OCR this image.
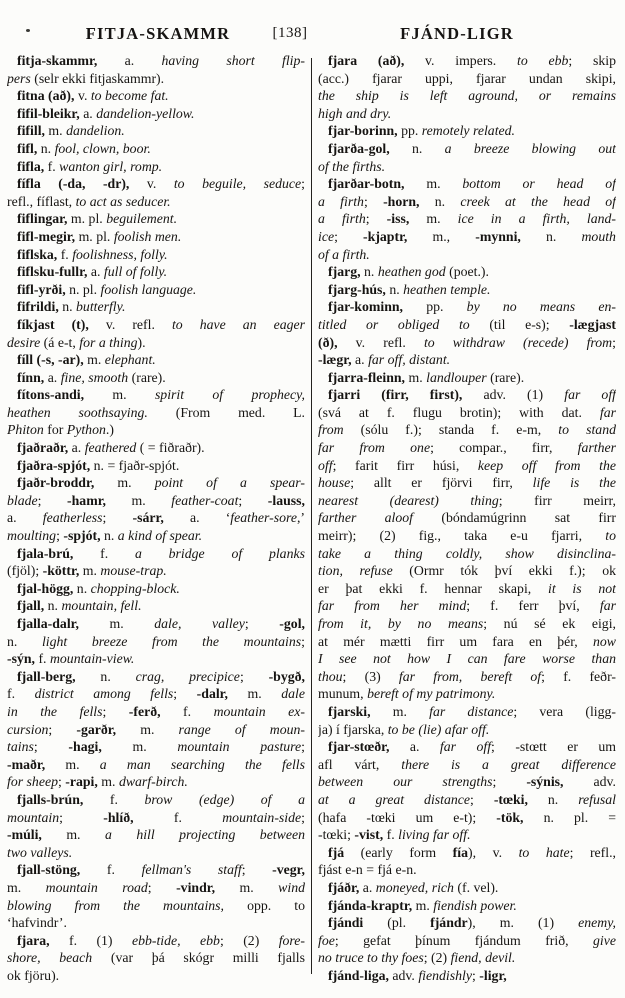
FITJA-SKAMMR	[138]	FJÁND-LIGR
fitja-skammr, a. having short flip-
pers (selr ekki fitjaskammr).
fitna (að), v. to become fat.
fifil-bleikr, a. dandelion-yellow.
fifill, m. dandelion.
fifl, n. fool, clown, boor.
fifla, f. wanton girl, romp.
fífla (-da, -dr), v. to beguile, seduce;
refl., fíflast, to act as seducer.
fiflingar, m. pl. beguilement.
fifl-megir, m. pl. foolish men.
fiflska, f. foolishness, folly.
fiflsku-fullr, a. full of folly.
fifl-yrði, n. pl. foolish language.
fifrildi, n. butterfly.
fíkjast (t), v. refl. to have an eager
desire (á e-t, for a thing).
fíll (-s, -ar), m. elephant.
fínn, a. fine, smooth (rare).
fítons-andi, m. spirit of prophecy,
heathen soothsaying. (From med. L.
Phiton for Python.)
fjaðraðr, a. feathered ( = fiðraðr).
fjaðra-spjót, n. = fjaðr-spjót.
fjaðr-broddr, m. point of a spear-
blade; -hamr, m. feather-coat; -lauss,
a. featherless; -sárr, a. ‘feather-sore,’
moulting; -spjót, n. a kind of spear.
fjala-brú, f. a bridge of planks
(fjöl); -köttr, m. mouse-trap.
fjal-högg, n. chopping-block.
fjall, n. mountain, fell.
fjalla-dalr, m. dale, valley; -gol,
n. light breeze from the mountains;
-sýn, f. mountain-view.
fjall-berg, n. crag, precipice; -bygð,
f. district among fells; -dalr, m. dale
in the fells; -ferð, f. mountain ex-
cursion; -garðr, m. range of moun-
tains; -hagi, m. mountain pasture;
-maðr, m. a man searching the fells
for sheep; -rapi, m. dwarf-birch.
fjalls-brún, f. brow (edge) of a
mountain; -hlíð, f. mountain-side;
-múli, m. a hill projecting between
two valleys.
fjall-stöng, f. fellman's staff; -vegr,
m. mountain road; -vindr, m. wind
blowing from the mountains, opp. to
‘hafvindr’.
fjara, f. (1) ebb-tide, ebb; (2) fore-
shore, beach (var þá skógr milli fjalls
ok fjöru).
fjara (að), v. impers. to ebb; skip
(acc.) fjarar uppi, fjarar undan skipi,
the ship is left aground, or remains
high and dry.
fjar-borinn, pp. remotely related.
fjarða-gol, n. a breeze blowing out
of the firths.
fjarðar-botn, m. bottom or head of
a firth; -horn, n. creek at the head of
a firth; -iss, m. ice in a firth, land-
ice; -kjaptr, m., -mynni, n. mouth
of a firth.
fjarg, n. heathen god (poet.).
fjarg-hús, n. heathen temple.
fjar-kominn, pp. by no means en-
titled or obliged to (til e-s); -lægjast
(ð), v. refl. to withdraw (recede) from;
-lægr, a. far off, distant.
fjarra-fleinn, m. landlouper (rare).
fjarri (firr, first), adv. (1) far off
(svá at f. flugu brotin); with dat. far
from (sólu f.); standa f. e-m, to stand
far from one; compar., firr, farther
off; farit firr húsi, keep off from the
house; allt er fjörvi firr, life is the
nearest (dearest) thing; firr meirr,
farther aloof (bóndamúgrinn sat firr
meirr); (2) fig., taka e-u fjarri, to
take a thing coldly, show disinclina-
tion, refuse (Ormr tók því ekki f.); ok
er þat ekki f. hennar skapi, it is not
far from her mind; f. ferr því, far
from it, by no means; nú sé ek eigi,
at mér mætti firr um fara en þér, now
I see not how I can fare worse than
thou; (3) far from, bereft of; f. feðr-
munum, bereft of my patrimony.
fjarski, m. far distance; vera (ligg-
ja) í fjarska, to be (lie) afar off.
fjar-stœðr, a. far off; -stœtt er um
afl várt, there is a great difference
between our strengths; -sýnis, adv.
at a great distance; -tœki, n. refusal
(hafa -tœki um e-t); -tök, n. pl. =
-tœki; -vist, f. living far off.
fjá (early form fía), v. to hate; refl.,
fjást e-n = fjá e-n.
fjáðr, a. moneyed, rich (f. vel).
fjánda-kraptr, m. fiendish power.
fjándi (pl. fjándr), m. (1) enemy,
foe; gefat þínum fjándum frið, give
no truce to thy foes; (2) fiend, devil.
fjánd-liga, adv. fiendishly; -ligr,
